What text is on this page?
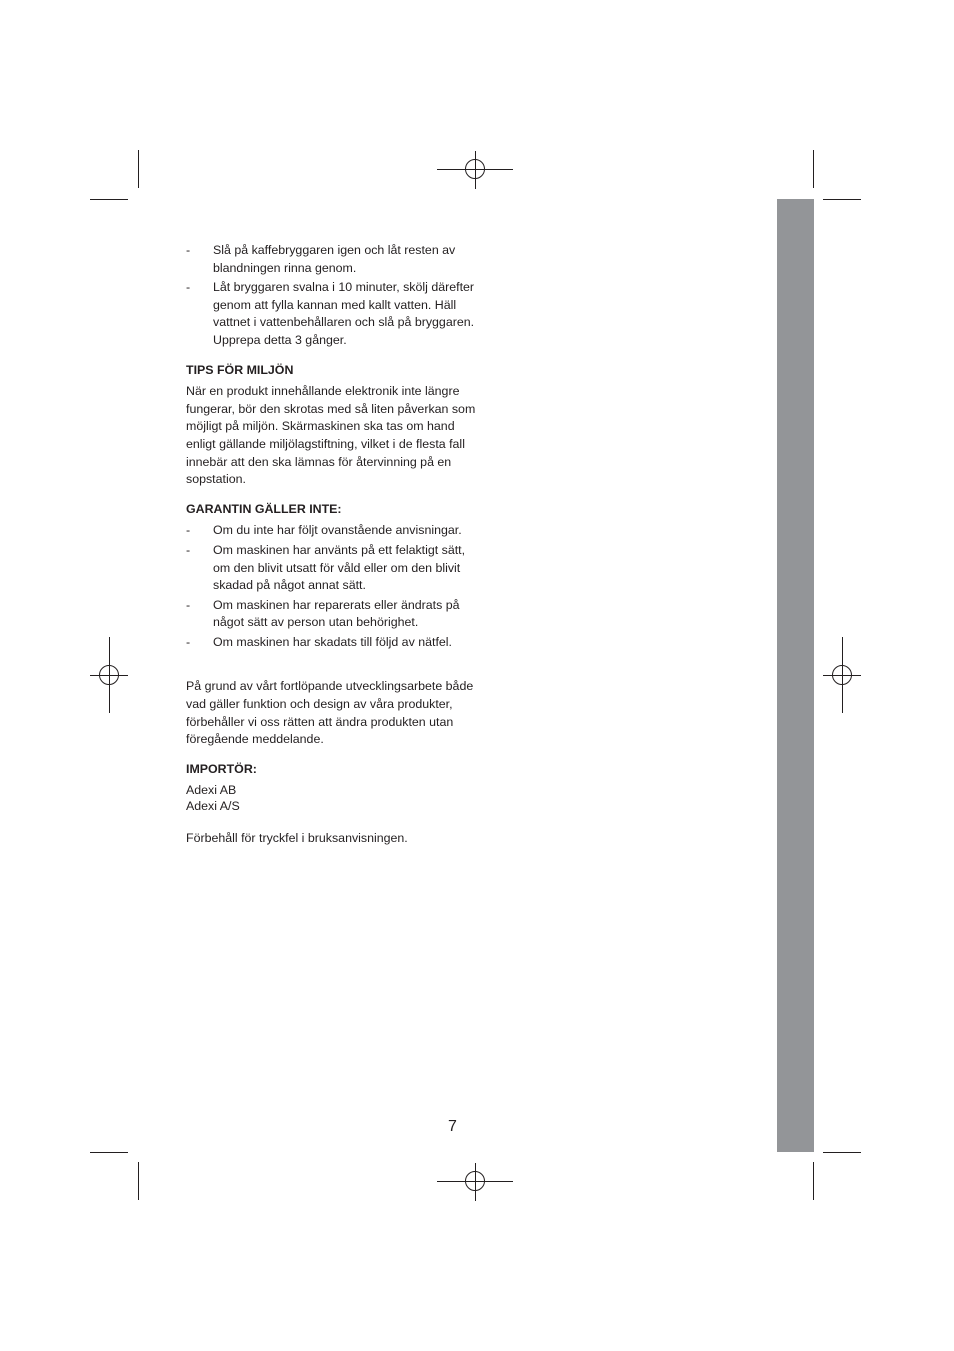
-	Slå på kaffebryggaren igen och låt resten av blandningen rinna genom.
-	Låt bryggaren svalna i 10 minuter, skölj därefter genom att fylla kannan med kallt vatten. Häll vattnet i vattenbehållaren och slå på bryggaren. Upprepa detta 3 gånger.
TIPS FÖR MILJÖN

När en produkt innehållande elektronik inte längre fungerar, bör den skrotas med så liten påverkan som möjligt på miljön. Skärmaskinen ska tas om hand enligt gällande miljölagstiftning, vilket i de flesta fall innebär att den ska lämnas för återvinning på en sopstation.

GARANTIN GÄLLER INTE:
-	Om du inte har följt ovanstående anvisningar.
-	Om maskinen har använts på ett felaktigt sätt, om den blivit utsatt för våld eller om den blivit skadad på något annat sätt.
-	Om maskinen har reparerats eller ändrats på något sätt av person utan behörighet.
-	Om maskinen har skadats till följd av nätfel.

På grund av vårt fortlöpande utvecklingsarbete både vad gäller funktion och design av våra produkter, förbehåller vi oss rätten att ändra produkten utan föregående meddelande.

IMPORTÖR:
Adexi AB
Adexi A/S

Förbehåll för tryckfel i bruksanvisningen.

7
